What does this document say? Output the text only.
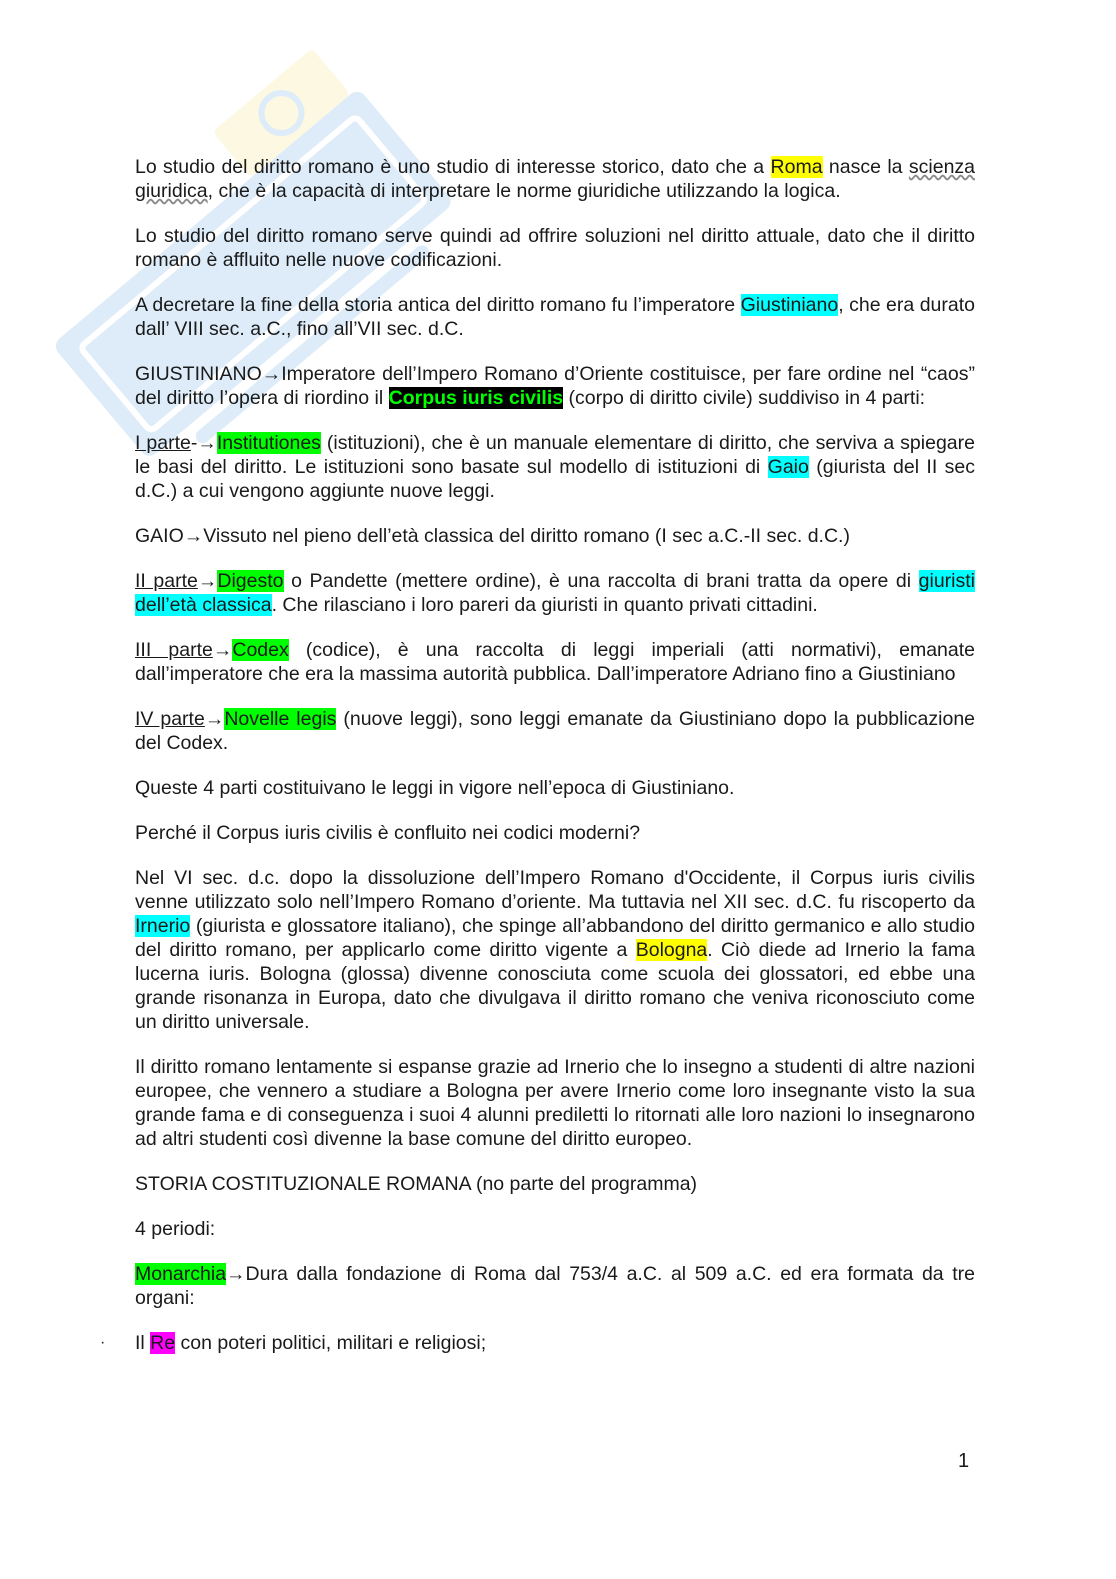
Lo studio del diritto romano è uno studio di interesse storico, dato che a Roma nasce la scienza giuridica, che è la capacità di interpretare le norme giuridiche utilizzando la logica.

Lo studio del diritto romano serve quindi ad offrire soluzioni nel diritto attuale, dato che il diritto romano è affluito nelle nuove codificazioni.

A decretare la fine della storia antica del diritto romano fu l’imperatore Giustiniano, che era durato dall’ VIII sec. a.C., fino all’VII sec. d.C.

GIUSTINIANO→Imperatore dell’Impero Romano d’Oriente costituisce, per fare ordine nel “caos” del diritto l’opera di riordino il Corpus iuris civilis (corpo di diritto civile) suddiviso in 4 parti:

I parte-→Institutiones (istituzioni), che è un manuale elementare di diritto, che serviva a spiegare le basi del diritto. Le istituzioni sono basate sul modello di istituzioni di Gaio (giurista del II sec d.C.) a cui vengono aggiunte nuove leggi.

GAIO→Vissuto nel pieno dell’età classica del diritto romano (I sec a.C.-II sec. d.C.)

II parte→Digesto o Pandette (mettere ordine), è una raccolta di brani tratta da opere di giuristi dell’età classica. Che rilasciano i loro pareri da giuristi in quanto privati cittadini.

III parte→Codex (codice), è una raccolta di leggi imperiali (atti normativi), emanate dall’imperatore che era la massima autorità pubblica. Dall’imperatore Adriano fino a Giustiniano

IV parte→Novelle legis (nuove leggi), sono leggi emanate da Giustiniano dopo la pubblicazione del Codex.

Queste 4 parti costituivano le leggi in vigore nell’epoca di Giustiniano.

Perché il Corpus iuris civilis è confluito nei codici moderni?

Nel VI sec. d.c. dopo la dissoluzione dell’Impero Romano d'Occidente, il Corpus iuris civilis venne utilizzato solo nell’Impero Romano d’oriente. Ma tuttavia nel XII sec. d.C. fu riscoperto da Irnerio (giurista e glossatore italiano), che spinge all’abbandono del diritto germanico e allo studio del diritto romano, per applicarlo come diritto vigente a Bologna. Ciò diede ad Irnerio la fama lucerna iuris. Bologna (glossa) divenne conosciuta come scuola dei glossatori, ed ebbe una grande risonanza in Europa, dato che divulgava il diritto romano che veniva riconosciuto come un diritto universale.

Il diritto romano lentamente si espanse grazie ad Irnerio che lo insegno a studenti di altre nazioni europee, che vennero a studiare a Bologna per avere Irnerio come loro insegnante visto la sua grande fama e di conseguenza i suoi 4 alunni prediletti lo ritornati alle loro nazioni lo insegnarono ad altri studenti così divenne la base comune del diritto europeo.

STORIA COSTITUZIONALE ROMANA (no parte del programma)

4 periodi:

Monarchia→Dura dalla fondazione di Roma dal 753/4 a.C. al 509 a.C. ed era formata da tre organi:

· Il Re con poteri politici, militari e religiosi;

1
